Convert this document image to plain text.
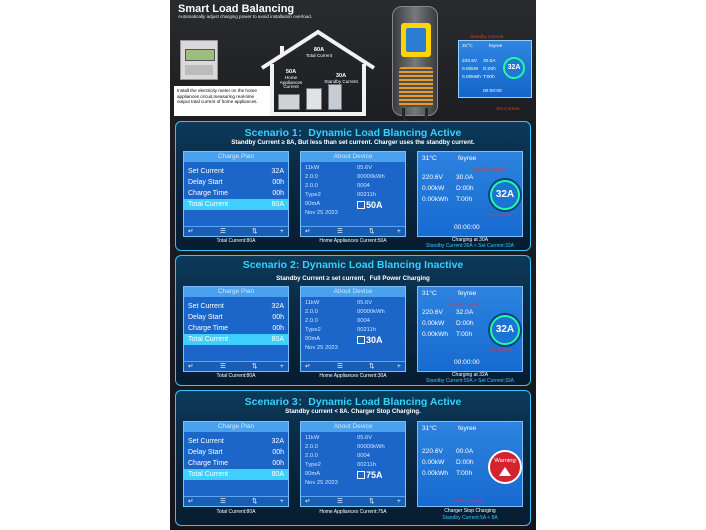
Smart Load Balancing
Automatically adjust charging power to avoid installation overload.
Install the electricity meter on the home appliances circuit,measuring real-time output total current of home appliances.
80A
Total Current
50A
Home
Appliances Current
30A
Standby Current
Standby Current
Set Current
31°C	feyree
220.6V 30.0A
0.00kW D:00h
0.00kWh T:00h
32A
00:00:00
Scenario 1：Dynamic Load Blancing Active
Standby Current ≥ 8A, But less than set current. Charger uses the standby current.
Charge Plan
Set Current	32A
Delay Start	00h
Charge Time	00h
Total Current	80A
↵	☰	⇅	+
About Device
11kW	05.6V
2.0.0	00000kWh
2.0.0	0004
Type2	00211h
00mA	50A
Nov 25 2023
↵	☰	⇅	+
31°C	feyree
Standby Current
220.6V 30.0A
0.00kW D:00h
0.00kWh T:00h	32A
Set Current
00:00:00
Total Current:80A	Home Appliances Current:50A	Charging at 30A
Standby Current:30A < Set Current:32A
Scenario 2: Dynamic Load Blancing Inactive
Standby Current ≥ set current，Full Power Charging
Charge Plan
Set Current	32A
Delay Start	00h
Charge Time	00h
Total Current	80A
↵	☰	⇅	+
About Device
11kW	05.6V
2.0.0	00000kWh
2.0.0	0004
Type2	00211h
00mA	30A
Nov 25 2023
↵	☰	⇅	+
31°C	feyree
Standby Current
220.6V 32.0A
0.00kW D:00h
0.00kWh T:00h	32A
Set Current
00:00:00
Total Current:80A	Home Appliances Current:30A	Charging at 32A
Standby Current:50A > Set Current:32A
Scenario 3：Dynamic Load Blancing Active
Standby current < 8A. Charger Stop Charging.
Charge Plan
Set Current	32A
Delay Start	00h
Charge Time	00h
Total Current	80A
↵	☰	⇅	+
About Device
11kW	05.6V
2.0.0	00000kWh
2.0.0	0004
Type2	00211h
00mA	75A
Nov 25 2023
↵	☰	⇅	+
31°C	feyree
220.6V 00.0A
0.00kW D:00h
0.00kWh T:00h
Warning
Limited Current
Total Current:80A	Home Appliances Current:75A	Charger Stop Charging
Standby Current:5A < 8A
